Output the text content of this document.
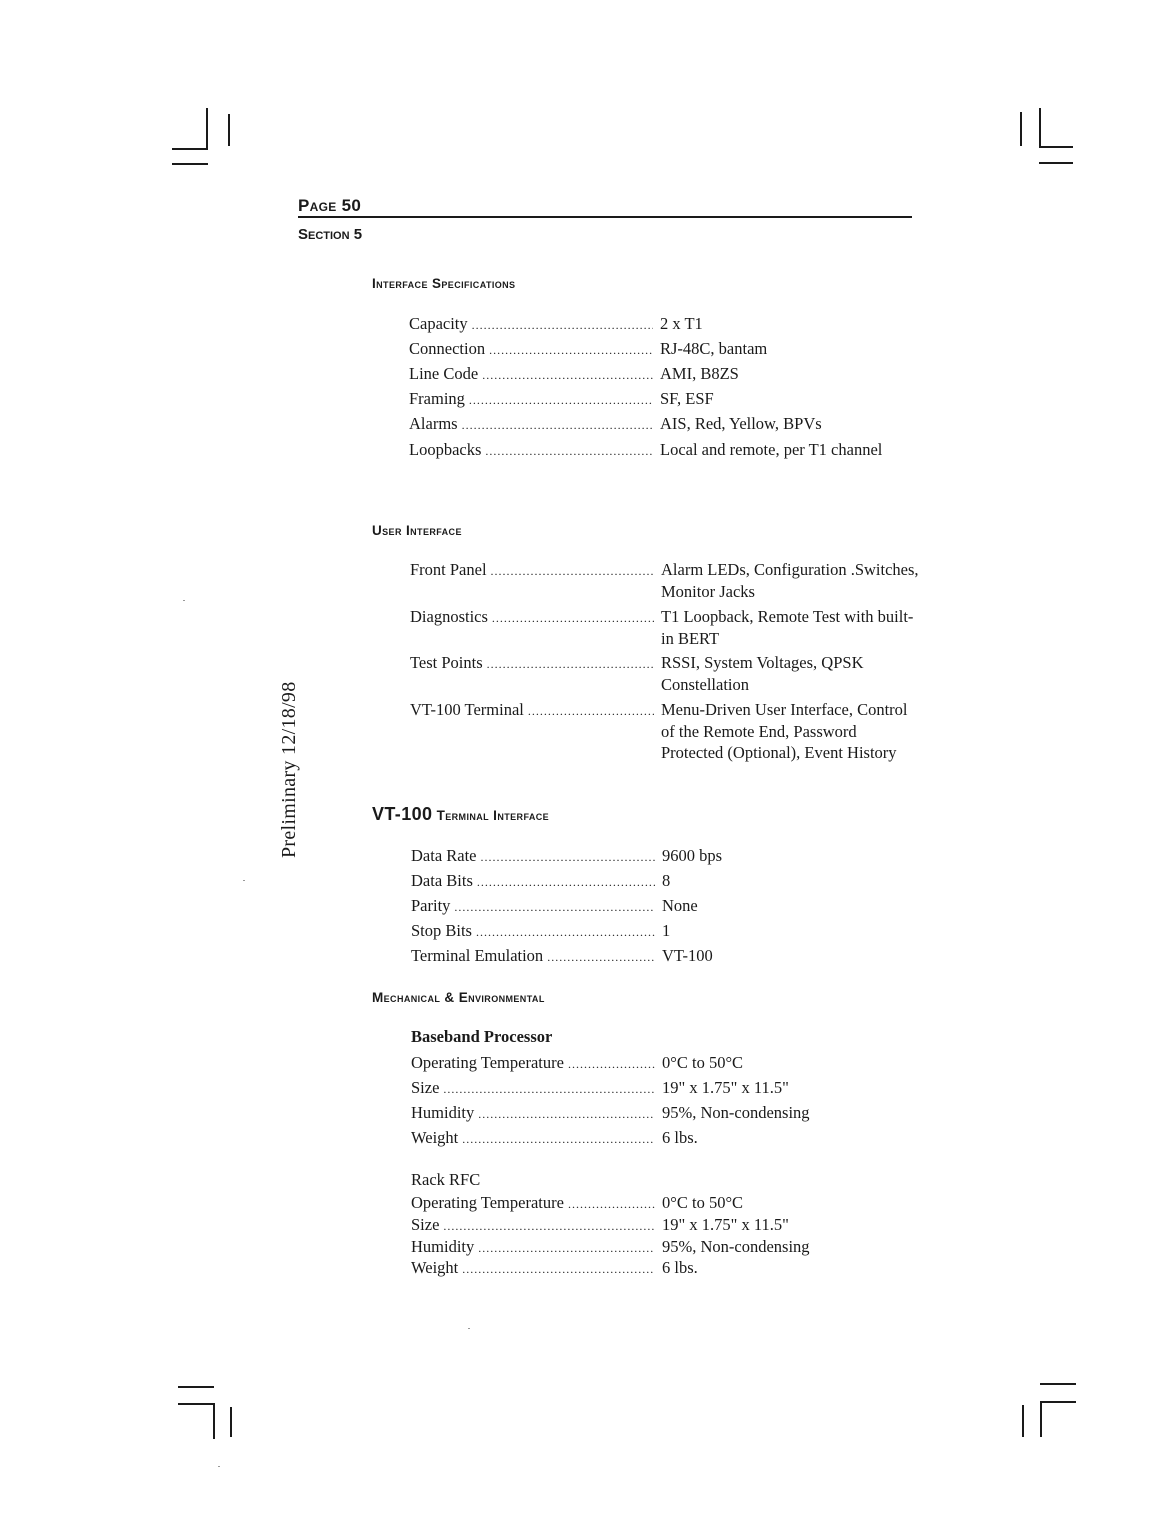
Page 50
Section 5
Preliminary 12/18/98
Interface Specifications
Capacity .....	2 x T1
Connection .....	RJ-48C, bantam
Line Code .....	AMI, B8ZS
Framing .....	SF, ESF
Alarms .....	AIS, Red, Yellow, BPVs
Loopbacks .....	Local and remote, per T1 channel
User Interface
Front Panel .....	Alarm LEDs, Configuration .Switches, Monitor Jacks
Diagnostics .....	T1 Loopback, Remote Test with built-in BERT
Test Points .....	RSSI, System Voltages, QPSK Constellation
VT-100 Terminal .....	Menu-Driven User Interface, Control of the Remote End, Password Protected (Optional), Event History
VT-100 Terminal Interface
Data Rate .....	9600 bps
Data Bits .....	8
Parity .....	None
Stop Bits .....	1
Terminal Emulation .....	VT-100
Mechanical & Environmental
Baseband Processor
Operating Temperature .....	0°C to 50°C
Size .....	19" x 1.75" x 11.5"
Humidity .....	95%, Non-condensing
Weight .....	6 lbs.
Rack RFC
Operating Temperature .....	0°C to 50°C
Size .....	19" x 1.75" x 11.5"
Humidity .....	95%, Non-condensing
Weight .....	6 lbs.
